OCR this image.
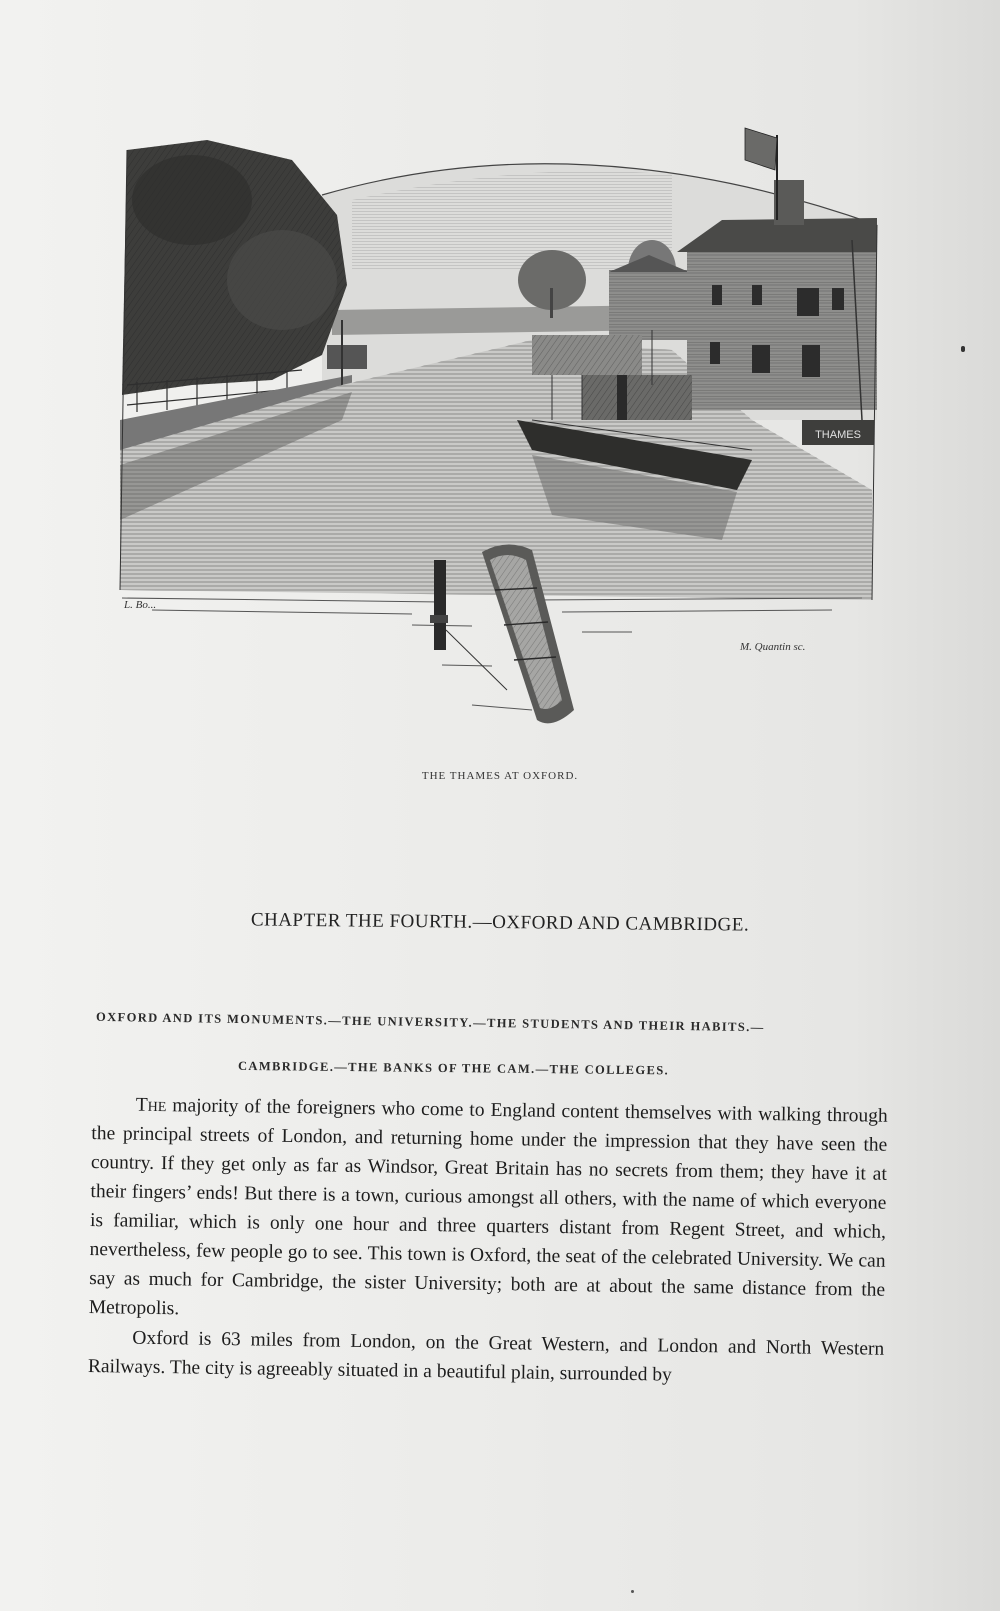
THAMES
L. Bo...
M. Quantin sc.
THE THAMES AT OXFORD.
CHAPTER THE FOURTH.—OXFORD AND CAMBRIDGE.
OXFORD AND ITS MONUMENTS.—THE UNIVERSITY.—THE STUDENTS AND THEIR HABITS.—
CAMBRIDGE.—THE BANKS OF THE CAM.—THE COLLEGES.

The majority of the foreigners who come to England content themselves with walking through the principal streets of London, and returning home under the impression that they have seen the country. If they get only as far as Windsor, Great Britain has no secrets from them; they have it at their fingers’ ends! But there is a town, curious amongst all others, with the name of which everyone is familiar, which is only one hour and three quarters distant from Regent Street, and which, nevertheless, few people go to see. This town is Oxford, the seat of the celebrated University. We can say as much for Cambridge, the sister University; both are at about the same distance from the Metropolis.

Oxford is 63 miles from London, on the Great Western, and London and North Western Railways. The city is agreeably situated in a beautiful plain, surrounded by
